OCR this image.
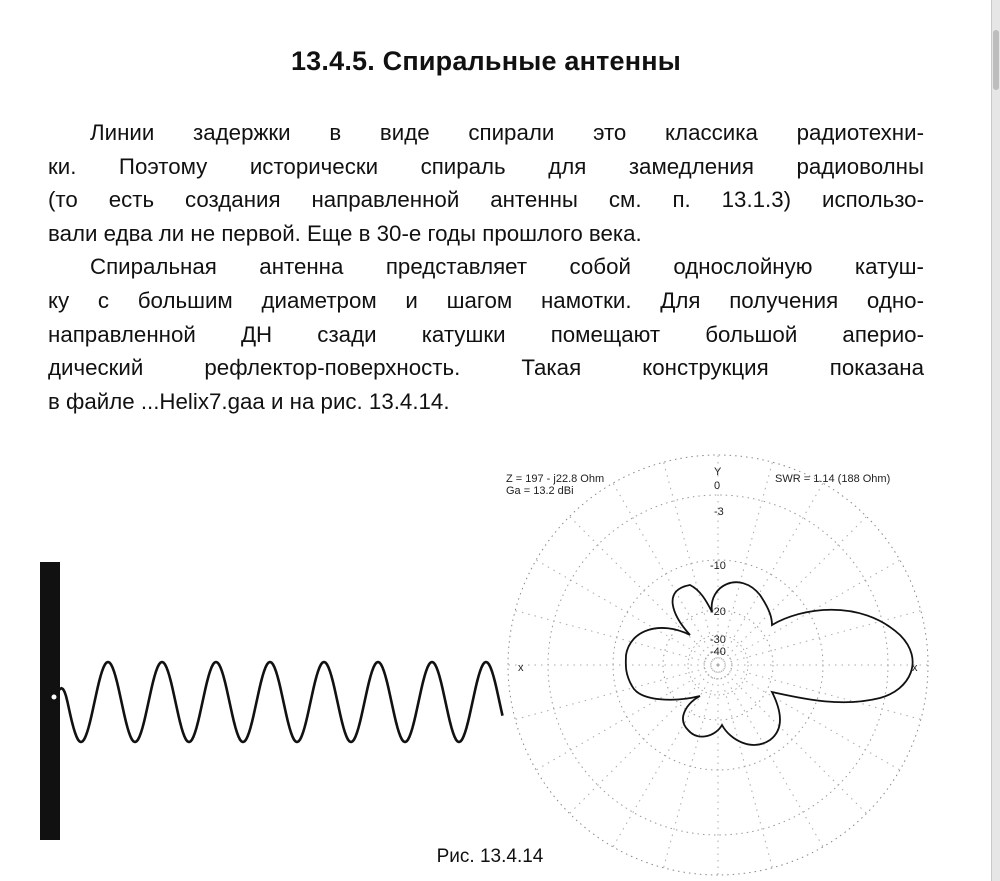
13.4.5. Спиральные антенны

Линии задержки в виде спирали это классика радиотехни-
ки. Поэтому исторически спираль для замедления радиоволны
(то есть создания направленной антенны см. п. 13.1.3) использо-
вали едва ли не первой. Еще в 30-е годы прошлого века.

Спиральная антенна представляет собой однослойную катуш-
ку с большим диаметром и шагом намотки. Для получения одно-
направленной ДН сзади катушки помещают большой аперио-
дический рефлектор-поверхность. Такая конструкция показана
в файле ...Helix7.gaa и на рис. 13.4.14.

Z = 197 - j22.8 Ohm
Ga = 13.2 dBi
SWR = 1.14 (188 Ohm)
Y
0
-3
-10
-20
-30
-40
x	x

Рис. 13.4.14
